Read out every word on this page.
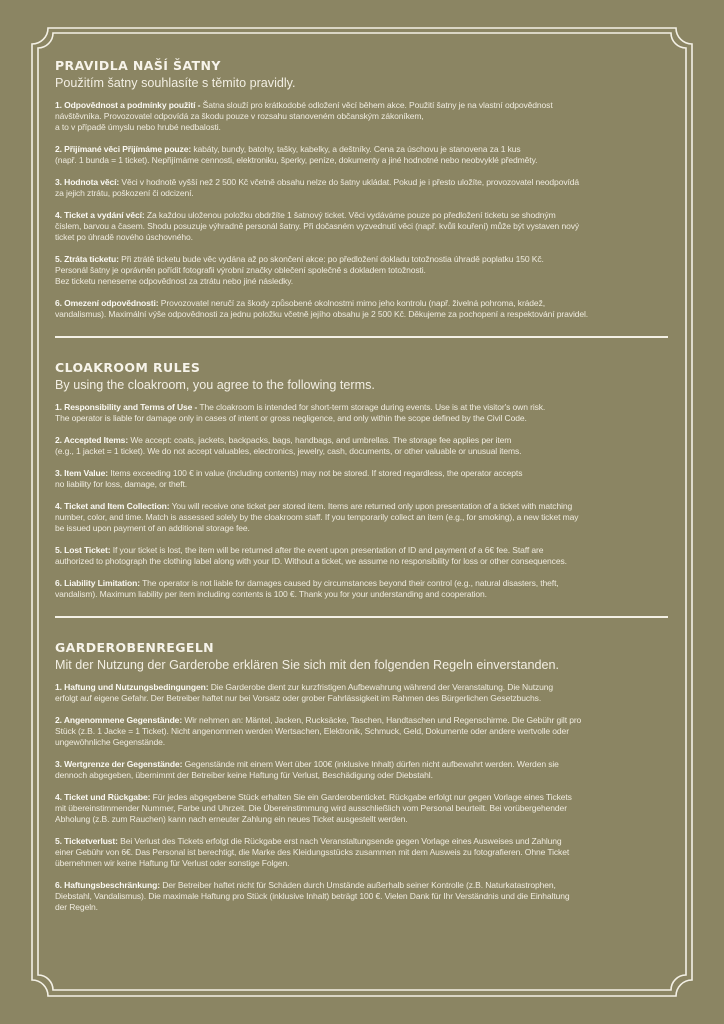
PRAVIDLA NAŠÍ ŠATNY
Použitím šatny souhlasíte s těmito pravidly.

1. Odpovědnost a podmínky použití - Šatna slouží pro krátkodobé odložení věcí během akce. Použití šatny je na vlastní odpovědnost
návštěvníka. Provozovatel odpovídá za škodu pouze v rozsahu stanoveném občanským zákoníkem,
a to v případě úmyslu nebo hrubé nedbalosti.

2. Přijímané věci Přijímáme pouze: kabáty, bundy, batohy, tašky, kabelky, a deštníky. Cena za úschovu je stanovena za 1 kus
(např. 1 bunda = 1 ticket). Nepřijímáme cennosti, elektroniku, šperky, peníze, dokumenty a jiné hodnotné nebo neobvyklé předměty.

3. Hodnota věcí: Věci v hodnotě vyšší než 2 500 Kč včetně obsahu nelze do šatny ukládat. Pokud je i přesto uložíte, provozovatel neodpovídá
za jejich ztrátu, poškození či odcizení.

4. Ticket a vydání věcí: Za každou uloženou položku obdržíte 1 šatnový ticket. Věci vydáváme pouze po předložení ticketu se shodným
číslem, barvou a časem. Shodu posuzuje výhradně personál šatny. Při dočasném vyzvednutí věci (např. kvůli kouření) může být vystaven nový
ticket po úhradě nového úschovného.

5. Ztráta ticketu: Při ztrátě ticketu bude věc vydána až po skončení akce: po předložení dokladu totožnostia úhradě poplatku 150 Kč.
Personál šatny je oprávněn pořídit fotografii výrobní značky oblečení společně s dokladem totožnosti.
Bez ticketu neneseme odpovědnost za ztrátu nebo jiné následky.

6. Omezení odpovědnosti: Provozovatel neručí za škody způsobené okolnostmi mimo jeho kontrolu (např. živelná pohroma, krádež,
vandalismus). Maximální výše odpovědnosti za jednu položku včetně jejího obsahu je 2 500 Kč. Děkujeme za pochopení a respektování pravidel.

CLOAKROOM RULES
By using the cloakroom, you agree to the following terms.

1. Responsibility and Terms of Use - The cloakroom is intended for short-term storage during events. Use is at the visitor's own risk.
The operator is liable for damage only in cases of intent or gross negligence, and only within the scope defined by the Civil Code.

2. Accepted Items: We accept: coats, jackets, backpacks, bags, handbags, and umbrellas. The storage fee applies per item
(e.g., 1 jacket = 1 ticket). We do not accept valuables, electronics, jewelry, cash, documents, or other valuable or unusual items.

3. Item Value: Items exceeding 100 € in value (including contents) may not be stored. If stored regardless, the operator accepts
no liability for loss, damage, or theft.

4. Ticket and Item Collection: You will receive one ticket per stored item. Items are returned only upon presentation of a ticket with matching
number, color, and time. Match is assessed solely by the cloakroom staff. If you temporarily collect an item (e.g., for smoking), a new ticket may
be issued upon payment of an additional storage fee.

5. Lost Ticket: If your ticket is lost, the item will be returned after the event upon presentation of ID and payment of a 6€ fee. Staff are
authorized to photograph the clothing label along with your ID. Without a ticket, we assume no responsibility for loss or other consequences.

6. Liability Limitation: The operator is not liable for damages caused by circumstances beyond their control (e.g., natural disasters, theft,
vandalism). Maximum liability per item including contents is 100 €. Thank you for your understanding and cooperation.

GARDEROBENREGELN
Mit der Nutzung der Garderobe erklären Sie sich mit den folgenden Regeln einverstanden.

1. Haftung und Nutzungsbedingungen: Die Garderobe dient zur kurzfristigen Aufbewahrung während der Veranstaltung. Die Nutzung
erfolgt auf eigene Gefahr. Der Betreiber haftet nur bei Vorsatz oder grober Fahrlässigkeit im Rahmen des Bürgerlichen Gesetzbuchs.

2. Angenommene Gegenstände: Wir nehmen an: Mäntel, Jacken, Rucksäcke, Taschen, Handtaschen und Regenschirme. Die Gebühr gilt pro
Stück (z.B. 1 Jacke = 1 Ticket). Nicht angenommen werden Wertsachen, Elektronik, Schmuck, Geld, Dokumente oder andere wertvolle oder
ungewöhnliche Gegenstände.

3. Wertgrenze der Gegenstände: Gegenstände mit einem Wert über 100€ (inklusive Inhalt) dürfen nicht aufbewahrt werden. Werden sie
dennoch abgegeben, übernimmt der Betreiber keine Haftung für Verlust, Beschädigung oder Diebstahl.

4. Ticket und Rückgabe: Für jedes abgegebene Stück erhalten Sie ein Garderobenticket. Rückgabe erfolgt nur gegen Vorlage eines Tickets
mit übereinstimmender Nummer, Farbe und Uhrzeit. Die Übereinstimmung wird ausschließlich vom Personal beurteilt. Bei vorübergehender
Abholung (z.B. zum Rauchen) kann nach erneuter Zahlung ein neues Ticket ausgestellt werden.

5. Ticketverlust: Bei Verlust des Tickets erfolgt die Rückgabe erst nach Veranstaltungsende gegen Vorlage eines Ausweises und Zahlung
einer Gebühr von 6€. Das Personal ist berechtigt, die Marke des Kleidungsstücks zusammen mit dem Ausweis zu fotografieren. Ohne Ticket
übernehmen wir keine Haftung für Verlust oder sonstige Folgen.

6. Haftungsbeschränkung: Der Betreiber haftet nicht für Schäden durch Umstände außerhalb seiner Kontrolle (z.B. Naturkatastrophen,
Diebstahl, Vandalismus). Die maximale Haftung pro Stück (inklusive Inhalt) beträgt 100 €. Vielen Dank für Ihr Verständnis und die Einhaltung
der Regeln.
